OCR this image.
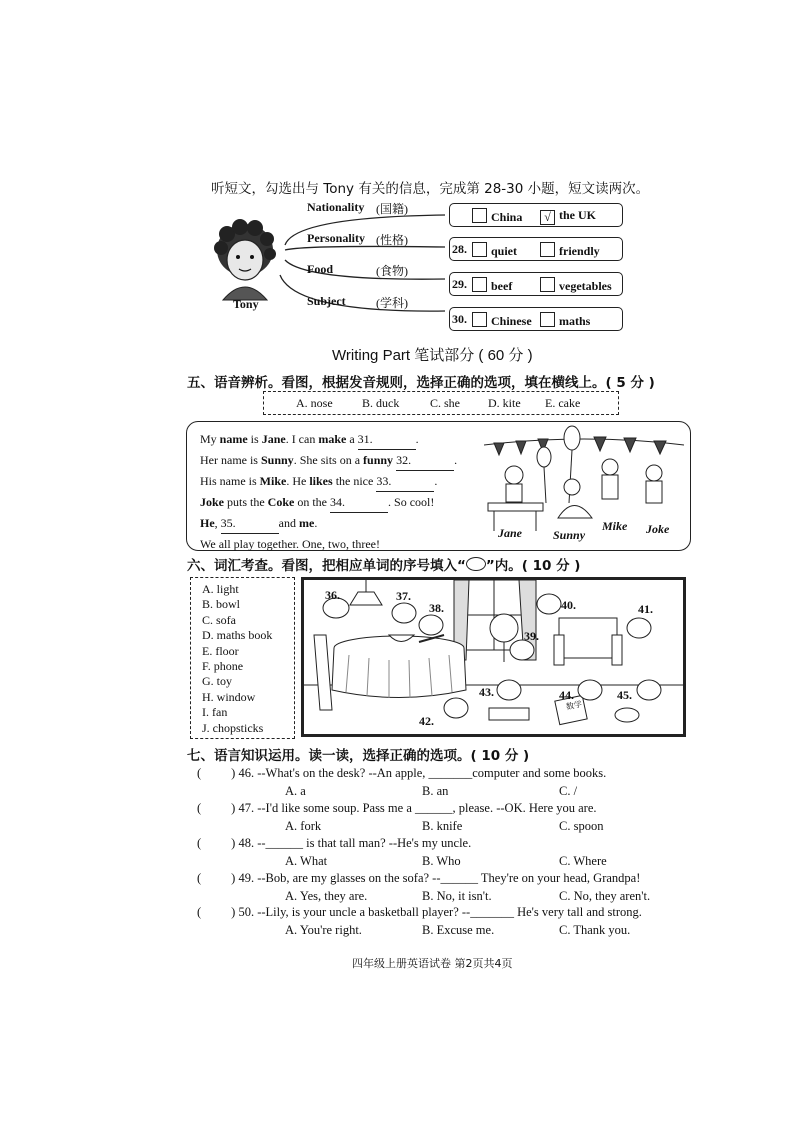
听短文，勾选出与 Tony 有关的信息，完成第 28-30 小题，短文读两次。
Tony
Nationality (国籍)
Personality (性格)
Food	(食物)
Subject	(学科)
China	√ the UK
28.	quiet	friendly
29.	beef	vegetables
30.	Chinese	maths
Writing Part 笔试部分 ( 60 分 )
五、语音辨析。看图，根据发音规则，选择正确的选项，填在横线上。( 5 分 )
A. nose B. duck	C. she D. kite E. cake
My name is Jane. I can make a 31.	.
Her name is Sunny. She sits on a funny 32.	.
His name is Mike. He likes the nice 33.	.
Joke puts the Coke on the 34.	. So cool!
He, 35.	and me.
We all play together. One, two, three!
Jane	Sunny
Mike Joke
六、词汇考查。看图，把相应单词的序号填入“ ”内。( 10 分 )
A. light
B. bowl
C. sofa
D. maths book
E. floor
F. phone
G. toy
H. window
I. fan
J. chopsticks
36.	37.
38.
39.
40.	41.
42.
43.	44.	45.
数学
七、语言知识运用。读一读，选择正确的选项。( 10 分 )
( ) 46. --What's on the desk? --An apple, _______computer and some books.
A. a	B. an	C. /
( ) 47. --I'd like some soup. Pass me a ______, please. --OK. Here you are.
A. fork	B. knife	C. spoon
( ) 48. --______ is that tall man? --He's my uncle.
A. What	B. Who	C. Where
( ) 49. --Bob, are my glasses on the sofa? --______ They're on your head, Grandpa!
A. Yes, they are.	B. No, it isn't.	C. No, they aren't.
( ) 50. --Lily, is your uncle a basketball player? --_______ He's very tall and strong.
A. You're right.	B. Excuse me.	C. Thank you.
四年级上册英语试卷 第2页共4页
